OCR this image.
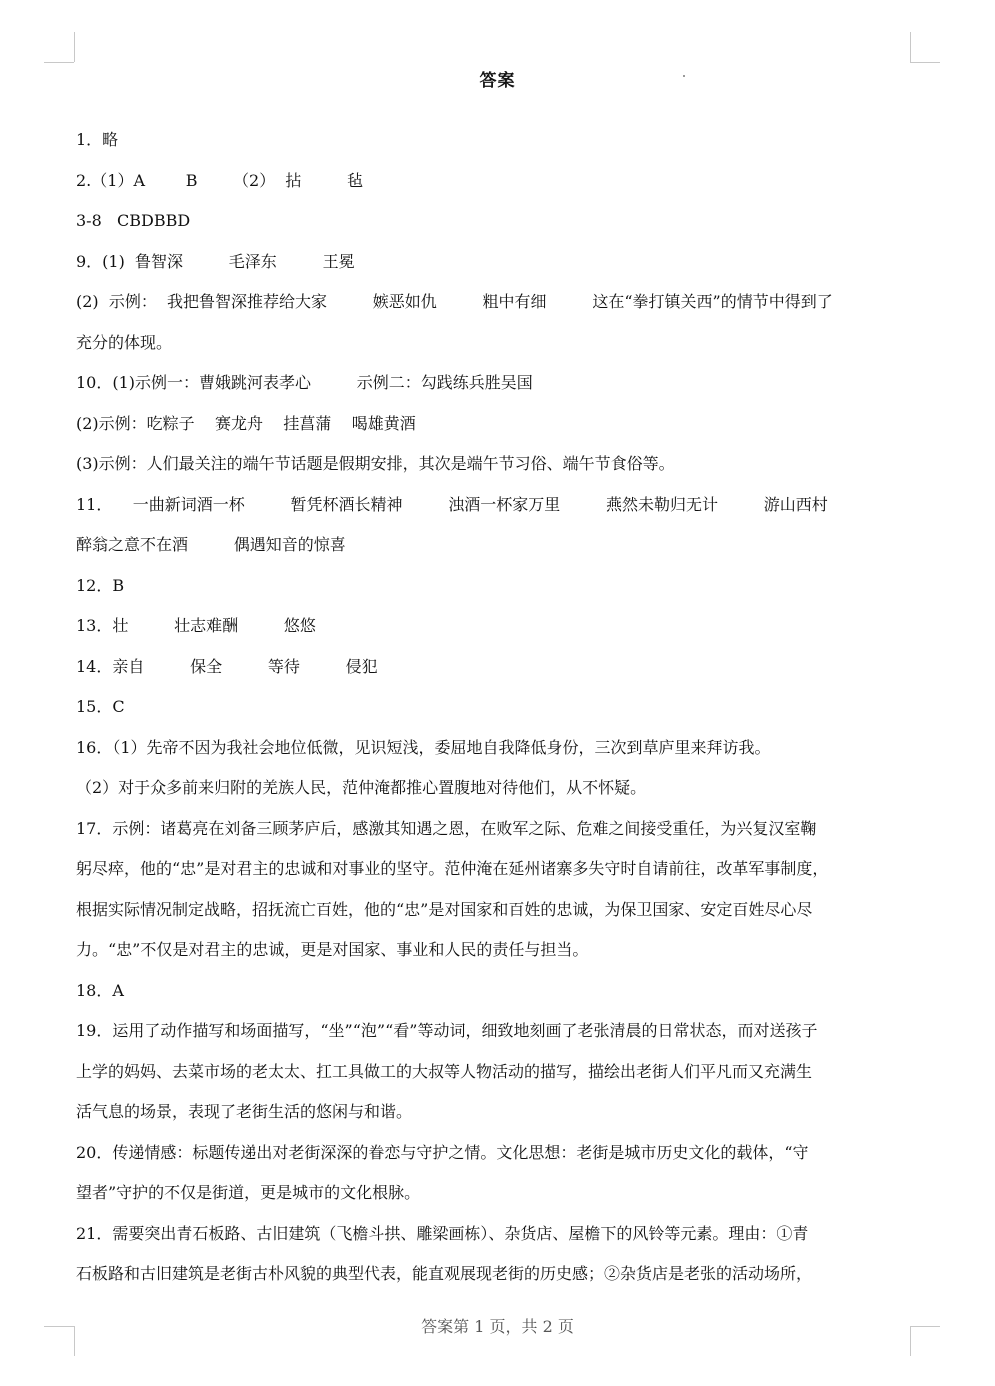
答案
1．略
2.（1）A        B       （2）  拈         毡
3-8   CBDBBD
9．(1)  鲁智深         毛泽东         王冕
(2)  示例：  我把鲁智深推荐给大家         嫉恶如仇         粗中有细         这在“拳打镇关西”的情节中得到了
充分的体现。
10．(1)示例一：曹娥跳河表孝心         示例二：勾践练兵胜吴国
(2)示例：吃粽子    赛龙舟    挂菖蒲    喝雄黄酒
(3)示例：人们最关注的端午节话题是假期安排，其次是端午节习俗、端午节食俗等。
11．    一曲新词酒一杯         暂凭杯酒长精神         浊酒一杯家万里         燕然未勒归无计         游山西村
醉翁之意不在酒         偶遇知音的惊喜
12．B
13．壮         壮志难酬         悠悠
14．亲自         保全         等待         侵犯
15．C
16．（1）先帝不因为我社会地位低微，见识短浅，委屈地自我降低身份，三次到草庐里来拜访我。
（2）对于众多前来归附的羌族人民，范仲淹都推心置腹地对待他们，从不怀疑。
17．示例：诸葛亮在刘备三顾茅庐后，感激其知遇之恩，在败军之际、危难之间接受重任，为兴复汉室鞠
躬尽瘁，他的“忠”是对君主的忠诚和对事业的坚守。范仲淹在延州诸寨多失守时自请前往，改革军事制度，
根据实际情况制定战略，招抚流亡百姓，他的“忠”是对国家和百姓的忠诚，为保卫国家、安定百姓尽心尽
力。“忠”不仅是对君主的忠诚，更是对国家、事业和人民的责任与担当。
18．A
19．运用了动作描写和场面描写，“坐”“泡”“看”等动词，细致地刻画了老张清晨的日常状态，而对送孩子
上学的妈妈、去菜市场的老太太、扛工具做工的大叔等人物活动的描写，描绘出老街人们平凡而又充满生
活气息的场景，表现了老街生活的悠闲与和谐。
20．传递情感：标题传递出对老街深深的眷恋与守护之情。文化思想：老街是城市历史文化的载体，“守
望者”守护的不仅是街道，更是城市的文化根脉。
21．需要突出青石板路、古旧建筑（飞檐斗拱、雕梁画栋）、杂货店、屋檐下的风铃等元素。理由：①青
石板路和古旧建筑是老街古朴风貌的典型代表，能直观展现老街的历史感；②杂货店是老张的活动场所，
答案第 1 页，共 2 页
